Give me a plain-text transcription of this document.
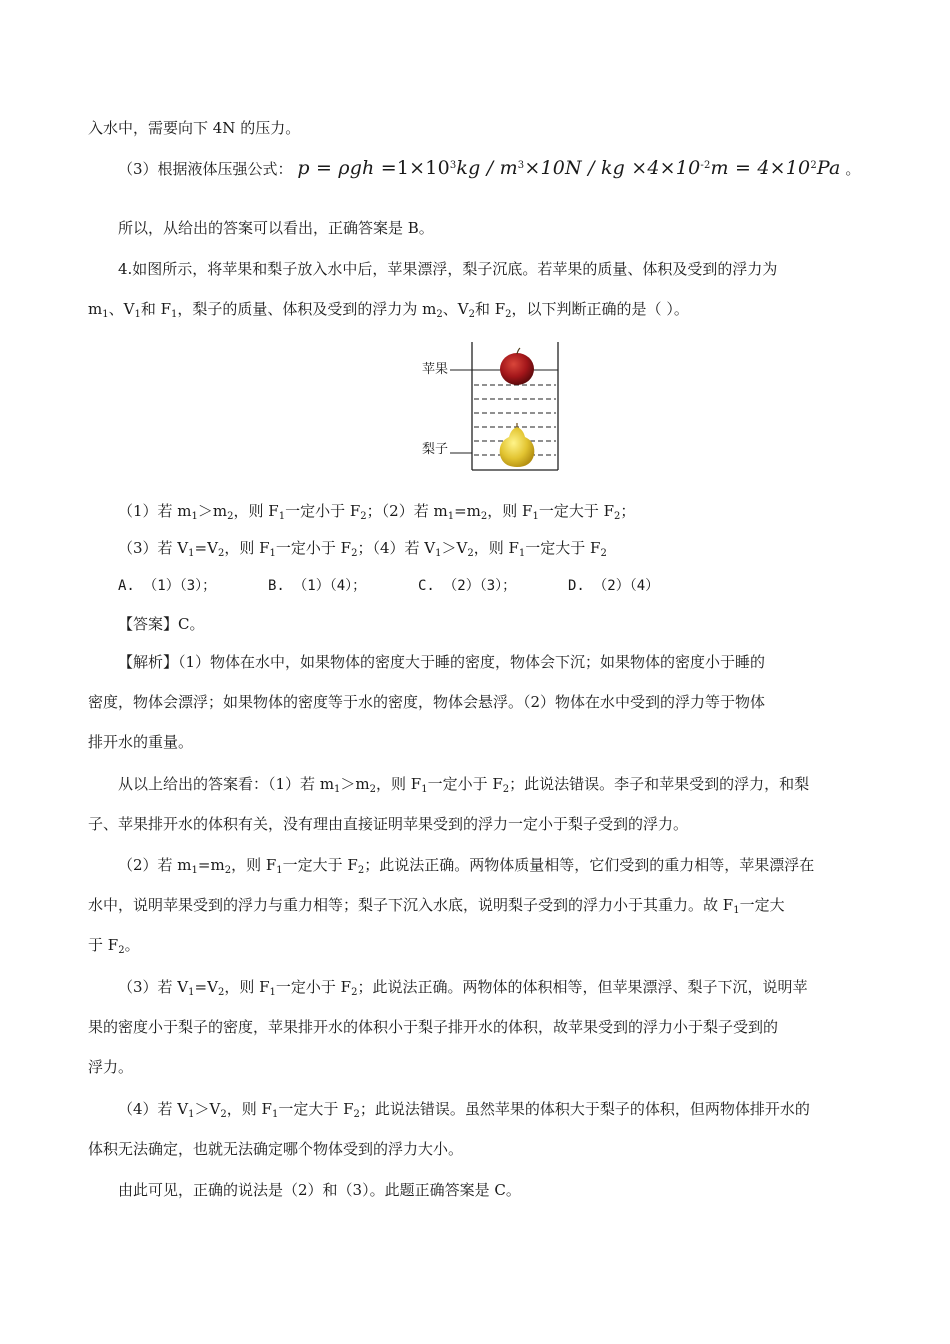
入水中，需要向下 4N 的压力。
（3）根据液体压强公式： $p = \rho gh =1\times 10^3kg / m^3\times 10N$ / kg $\times 4\times 10^{-2}m = 4\times 10^2Pa$ 。
所以，从给出的答案可以看出，正确答案是 B。
4.如图所示，将苹果和梨子放入水中后，苹果漂浮，梨子沉底。若苹果的质量、体积及受到的浮力为
$m_1$、$V_1$和 $F_1$，梨子的质量、体积及受到的浮力为 $m_2$、$V_2$和 $F_2$，以下判断正确的是（ ）。
苹果
梨子
（1）若 $m_1>m_2$，则 $F_1$一定小于 $F_2$；（2）若 $m_1=m_2$，则 $F_1$一定大于 $F_2$；
（3）若 $V_1=V_2$，则 $F_1$一定小于 $F_2$；（4）若 $V_1>V_2$，则 $F_1$一定大于 $F_2$
A. （1）（3）；	B. （1）（4）；	C. （2）（3）；	D. （2）（4）
【答案】C。
【解析】（1）物体在水中，如果物体的密度大于睡的密度，物体会下沉；如果物体的密度小于睡的
密度，物体会漂浮；如果物体的密度等于水的密度，物体会悬浮。（2）物体在水中受到的浮力等于物体
排开水的重量。
从以上给出的答案看：（1）若 $m_1>m_2$，则 $F_1$一定小于 $F_2$；此说法错误。李子和苹果受到的浮力，和梨
子、苹果排开水的体积有关，没有理由直接证明苹果受到的浮力一定小于梨子受到的浮力。
（2）若 $m_1=m_2$，则 $F_1$一定大于 $F_2$；此说法正确。两物体质量相等，它们受到的重力相等，苹果漂浮在
水中，说明苹果受到的浮力与重力相等；梨子下沉入水底，说明梨子受到的浮力小于其重力。故 $F_1$一定大
于 $F_2$。
（3）若 $V_1=V_2$，则 $F_1$一定小于 $F_2$；此说法正确。两物体的体积相等，但苹果漂浮、梨子下沉，说明苹
果的密度小于梨子的密度，苹果排开水的体积小于梨子排开水的体积，故苹果受到的浮力小于梨子受到的
浮力。
（4）若 $V_1>V_2$，则 $F_1$一定大于 $F_2$；此说法错误。虽然苹果的体积大于梨子的体积，但两物体排开水的
体积无法确定，也就无法确定哪个物体受到的浮力大小。
由此可见，正确的说法是（2）和（3）。此题正确答案是 C。
